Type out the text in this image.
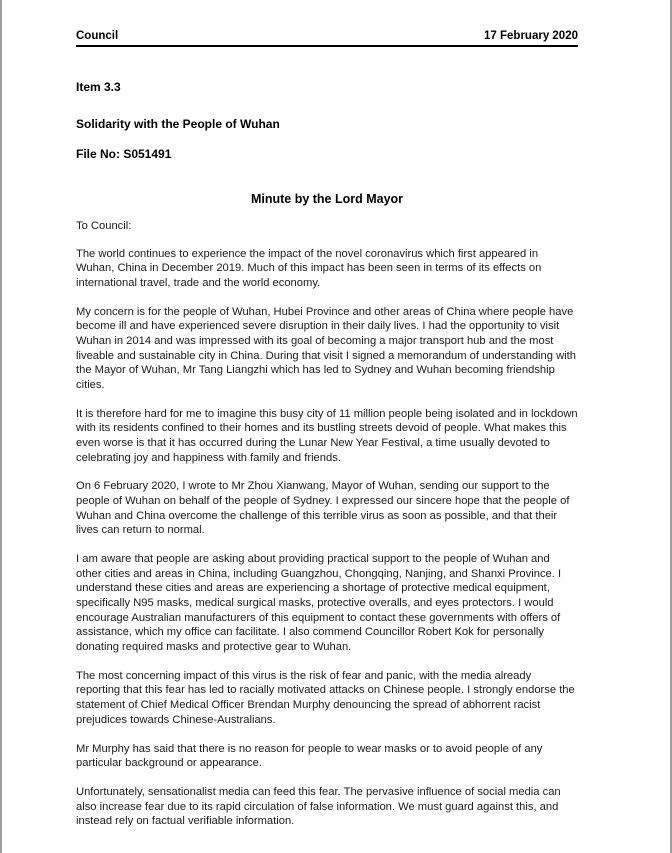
Council	17 February 2020
Item 3.3
Solidarity with the People of Wuhan
File No: S051491
Minute by the Lord Mayor

To Council:

The world continues to experience the impact of the novel coronavirus which first appeared in Wuhan, China in December 2019. Much of this impact has been seen in terms of its effects on international travel, trade and the world economy.

My concern is for the people of Wuhan, Hubei Province and other areas of China where people have become ill and have experienced severe disruption in their daily lives. I had the opportunity to visit Wuhan in 2014 and was impressed with its goal of becoming a major transport hub and the most liveable and sustainable city in China. During that visit I signed a memorandum of understanding with the Mayor of Wuhan, Mr Tang Liangzhi which has led to Sydney and Wuhan becoming friendship cities.

It is therefore hard for me to imagine this busy city of 11 million people being isolated and in lockdown with its residents confined to their homes and its bustling streets devoid of people. What makes this even worse is that it has occurred during the Lunar New Year Festival, a time usually devoted to celebrating joy and happiness with family and friends.

On 6 February 2020, I wrote to Mr Zhou Xianwang, Mayor of Wuhan, sending our support to the people of Wuhan on behalf of the people of Sydney. I expressed our sincere hope that the people of Wuhan and China overcome the challenge of this terrible virus as soon as possible, and that their lives can return to normal.

I am aware that people are asking about providing practical support to the people of Wuhan and other cities and areas in China, including Guangzhou, Chongqing, Nanjing, and Shanxi Province. I understand these cities and areas are experiencing a shortage of protective medical equipment, specifically N95 masks, medical surgical masks, protective overalls, and eyes protectors. I would encourage Australian manufacturers of this equipment to contact these governments with offers of assistance, which my office can facilitate. I also commend Councillor Robert Kok for personally donating required masks and protective gear to Wuhan.

The most concerning impact of this virus is the risk of fear and panic, with the media already reporting that this fear has led to racially motivated attacks on Chinese people. I strongly endorse the statement of Chief Medical Officer Brendan Murphy denouncing the spread of abhorrent racist prejudices towards Chinese-Australians.

Mr Murphy has said that there is no reason for people to wear masks or to avoid people of any particular background or appearance.

Unfortunately, sensationalist media can feed this fear. The pervasive influence of social media can also increase fear due to its rapid circulation of false information. We must guard against this, and instead rely on factual verifiable information.
